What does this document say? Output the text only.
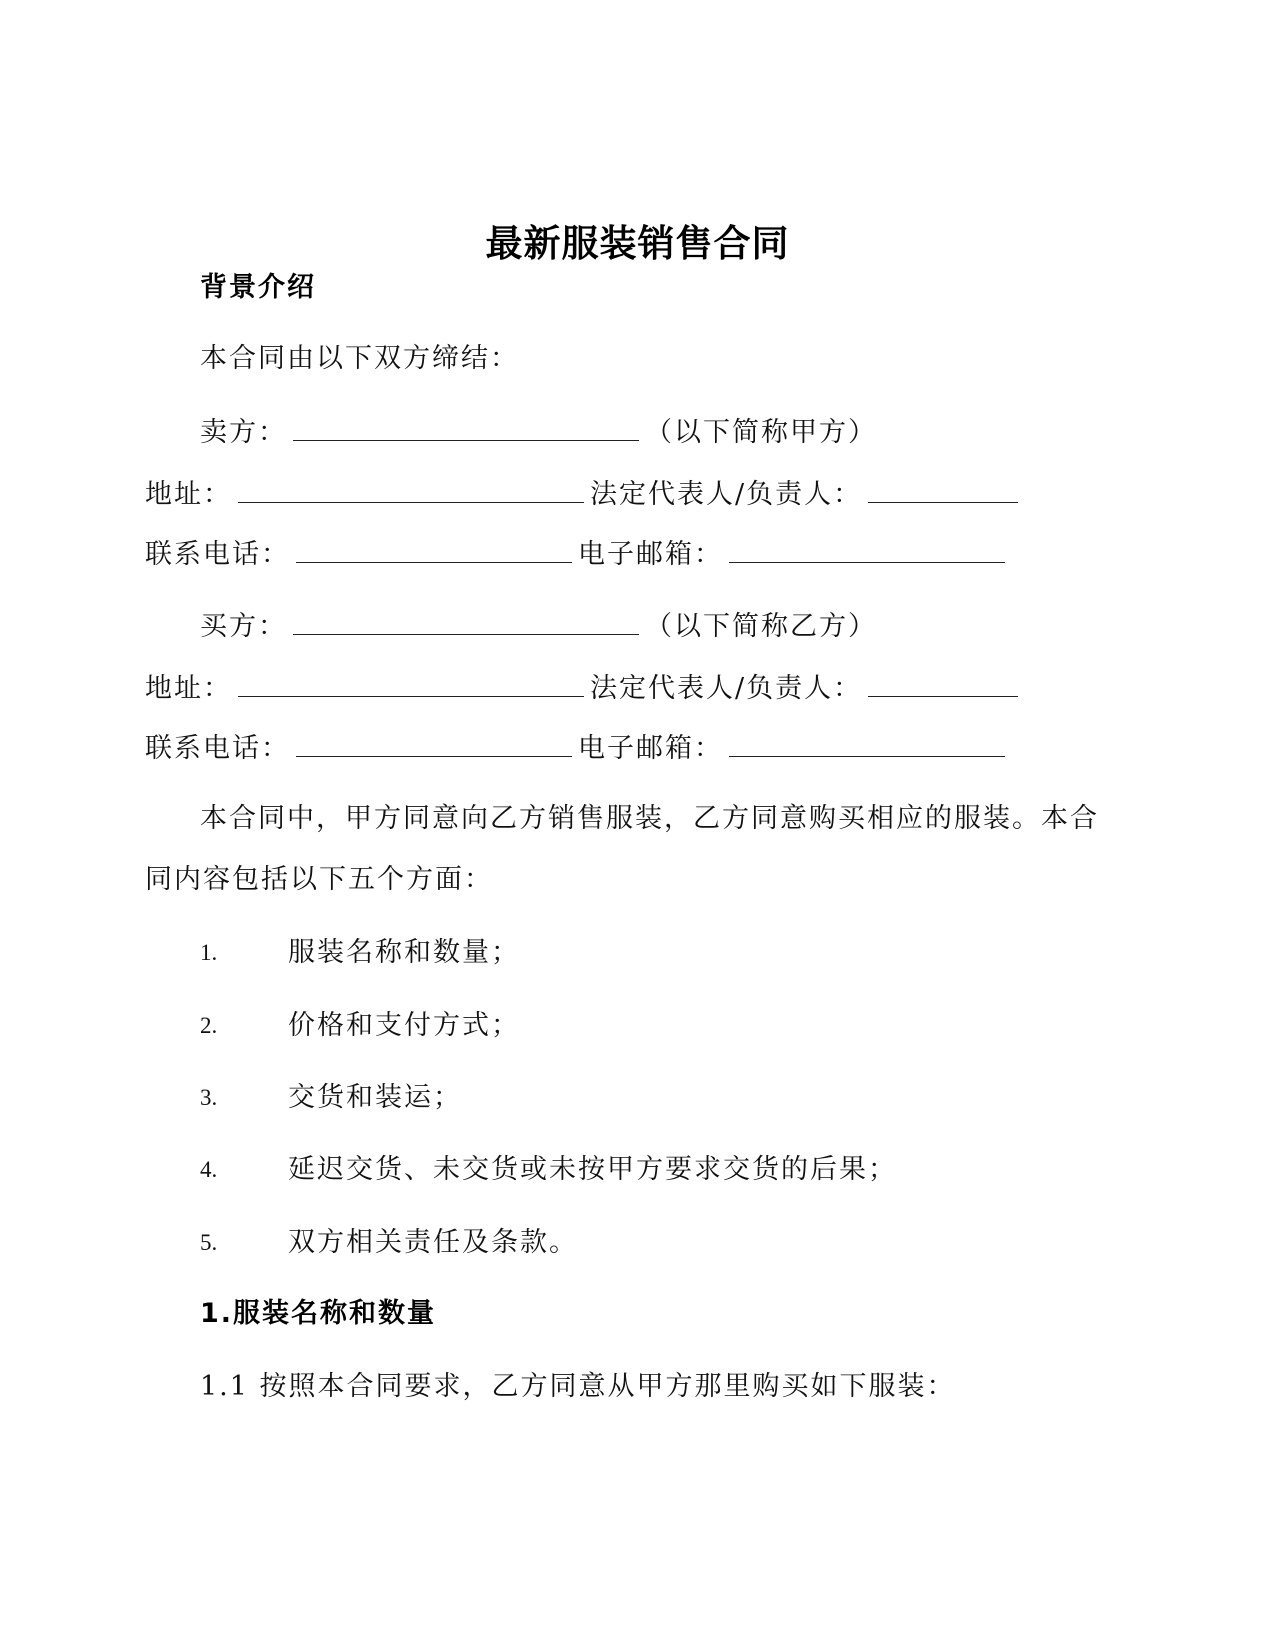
最新服装销售合同
背景介绍
本合同由以下双方缔结：
卖方：	（以下简称甲方）
地址：	法定代表人/负责人：
联系电话：	电子邮箱：
买方：	（以下简称乙方）
地址：	法定代表人/负责人：
联系电话：	电子邮箱：
本合同中，甲方同意向乙方销售服装，乙方同意购买相应的服装。本合
同内容包括以下五个方面：
1.	服装名称和数量；
2.	价格和支付方式；
3.	交货和装运；
4.	延迟交货、未交货或未按甲方要求交货的后果；
5.	双方相关责任及条款。
1.服装名称和数量
1.1 按照本合同要求，乙方同意从甲方那里购买如下服装：
